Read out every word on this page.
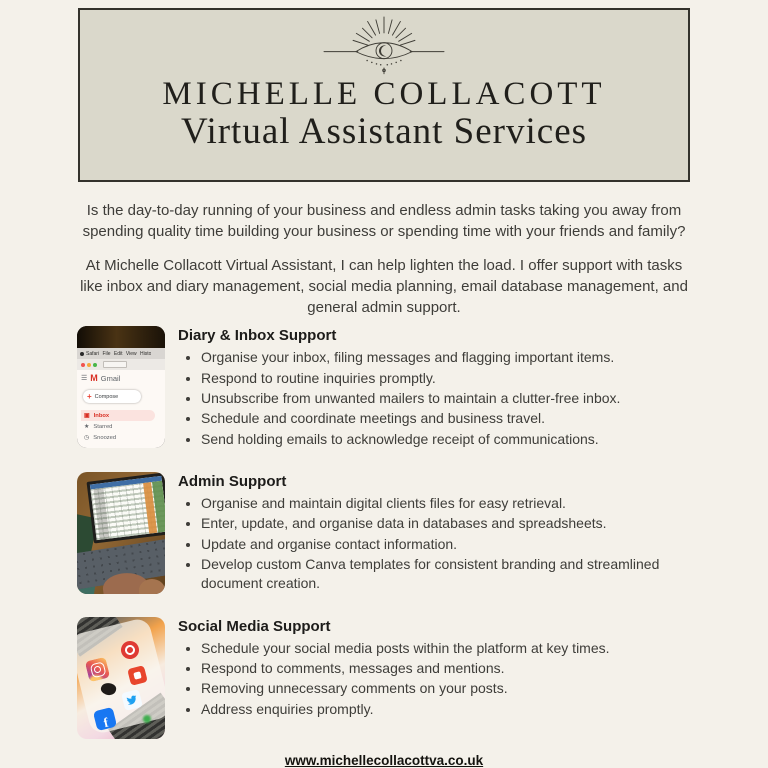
MICHELLE COLLACOTT
Virtual Assistant Services

Is the day-to-day running of your business and endless admin tasks taking you away from spending quality time building your business or spending time with your friends and family?

At Michelle Collacott Virtual Assistant, I can help lighten the load. I offer support with tasks like inbox and diary management, social media planning, email database management, and general admin support.

Safari File Edit View Histo
☰ M Gmail
+ Compose
▣ Inbox
★ Starred
◷ Snoozed
Diary & Inbox Support
• Organise your inbox, filing messages and flagging important items.
• Respond to routine inquiries promptly.
• Unsubscribe from unwanted mailers to maintain a clutter-free inbox.
• Schedule and coordinate meetings and business travel.
• Send holding emails to acknowledge receipt of communications.
Admin Support
• Organise and maintain digital clients files for easy retrieval.
• Enter, update, and organise data in databases and spreadsheets.
• Update and organise contact information.
• Develop custom Canva templates for consistent branding and streamlined document creation.
f
Social Media Support
• Schedule your social media posts within the platform at key times.
• Respond to comments, messages and mentions.
• Removing unnecessary comments on your posts.
• Address enquiries promptly.
www.michellecollacottva.co.uk
